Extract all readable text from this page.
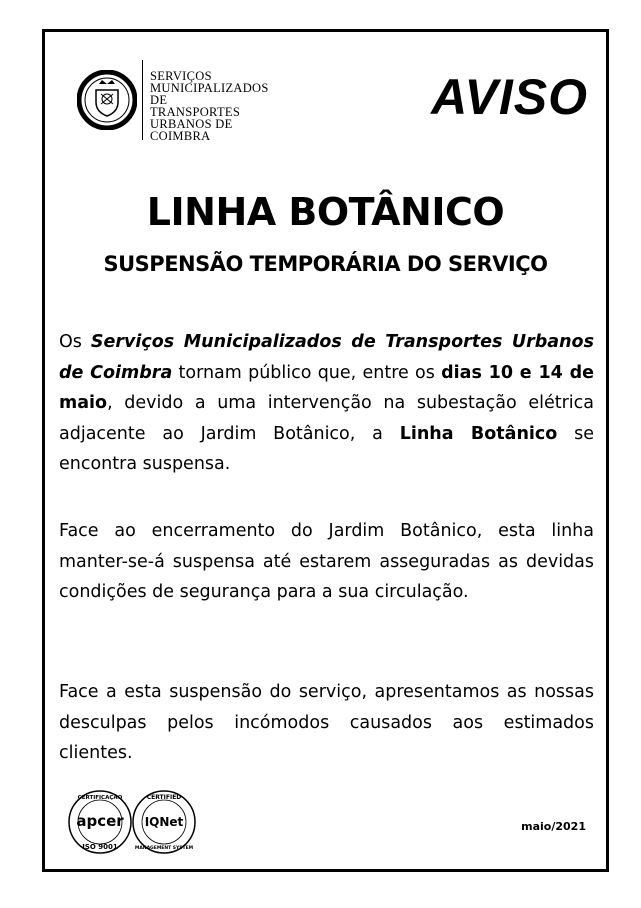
SERVIÇOS
MUNICIPALIZADOS DE
TRANSPORTES
URBANOS DE
COIMBRA
AVISO
LINHA BOTÂNICO
SUSPENSÃO TEMPORÁRIA DO SERVIÇO
Os Serviços Municipalizados de Transportes Urbanos de Coimbra tornam público que, entre os dias 10 e 14 de maio, devido a uma intervenção na subestação elétrica adjacente ao Jardim Botânico, a Linha Botânico se encontra suspensa.
Face ao encerramento do Jardim Botânico, esta linha manter-se-á suspensa até estarem asseguradas as devidas condições de segurança para a sua circulação.
Face a esta suspensão do serviço, apresentamos as nossas desculpas pelos incómodos causados aos estimados clientes.
CERTIFICAÇÃO
apcer
ISO 9001
CERTIFIED
IQNet
MANAGEMENT SYSTEM
maio/2021
